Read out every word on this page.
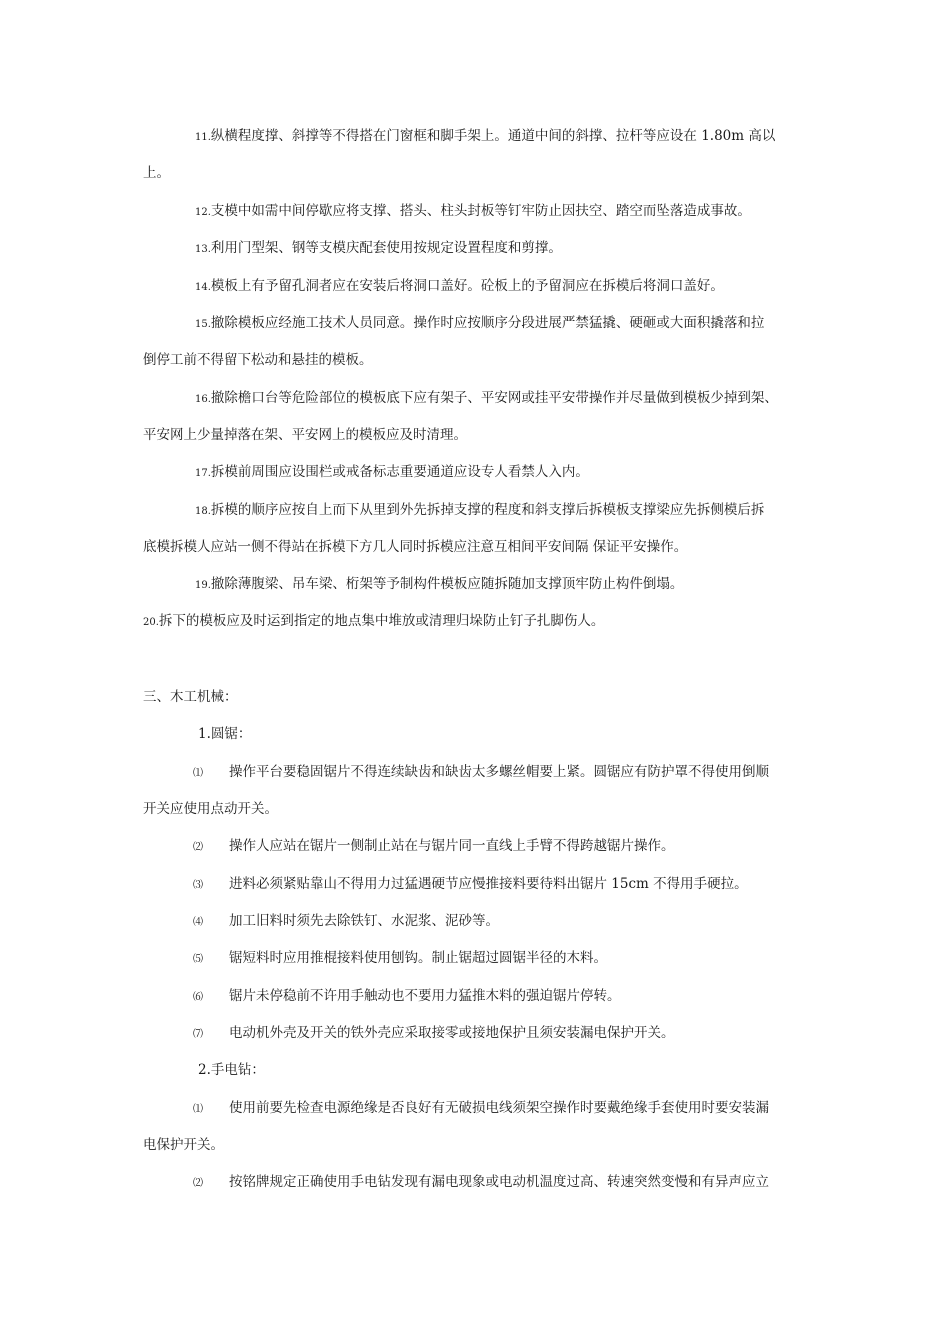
11.纵横程度撑、斜撑等不得搭在门窗框和脚手架上。通道中间的斜撑、拉杆等应设在 1.80m 高以
上。
12.支模中如需中间停歇应将支撑、搭头、柱头封板等钉牢防止因扶空、踏空而坠落造成事故。
13.利用门型架、钢等支模庆配套使用按规定设置程度和剪撑。
14.模板上有予留孔洞者应在安装后将洞口盖好。砼板上的予留洞应在拆模后将洞口盖好。
15.撤除模板应经施工技术人员同意。操作时应按顺序分段进展严禁猛撬、硬砸或大面积撬落和拉
倒停工前不得留下松动和悬挂的模板。
16.撤除檐口台等危险部位的模板底下应有架子、平安网或挂平安带操作并尽量做到模板少掉到架、
平安网上少量掉落在架、平安网上的模板应及时清理。
17.拆模前周围应设围栏或戒备标志重要通道应设专人看禁人入内。
18.拆模的顺序应按自上而下从里到外先拆掉支撑的程度和斜支撑后拆模板支撑梁应先拆侧模后拆
底模拆模人应站一侧不得站在拆模下方几人同时拆模应注意互相间平安间隔 保证平安操作。
19.撤除薄腹梁、吊车梁、桁架等予制构件模板应随拆随加支撑顶牢防止构件倒塌。
20.拆下的模板应及时运到指定的地点集中堆放或清理归垛防止钉子扎脚伤人。
三、木工机械：
1.圆锯：
⑴ 操作平台要稳固锯片不得连续缺齿和缺齿太多螺丝帽要上紧。圆锯应有防护罩不得使用倒顺
开关应使用点动开关。
⑵ 操作人应站在锯片一侧制止站在与锯片同一直线上手臂不得跨越锯片操作。
⑶ 进料必须紧贴靠山不得用力过猛遇硬节应慢推接料要待料出锯片 15cm 不得用手硬拉。
⑷ 加工旧料时须先去除铁钉、水泥浆、泥砂等。
⑸ 锯短料时应用推棍接料使用刨钩。制止锯超过圆锯半径的木料。
⑹ 锯片未停稳前不许用手触动也不要用力猛推木料的强迫锯片停转。
⑺ 电动机外壳及开关的铁外壳应采取接零或接地保护且须安装漏电保护开关。
2.手电钻：
⑴ 使用前要先检查电源绝缘是否良好有无破损电线须架空操作时要戴绝缘手套使用时要安装漏
电保护开关。
⑵ 按铭牌规定正确使用手电钻发现有漏电现象或电动机温度过高、转速突然变慢和有异声应立
